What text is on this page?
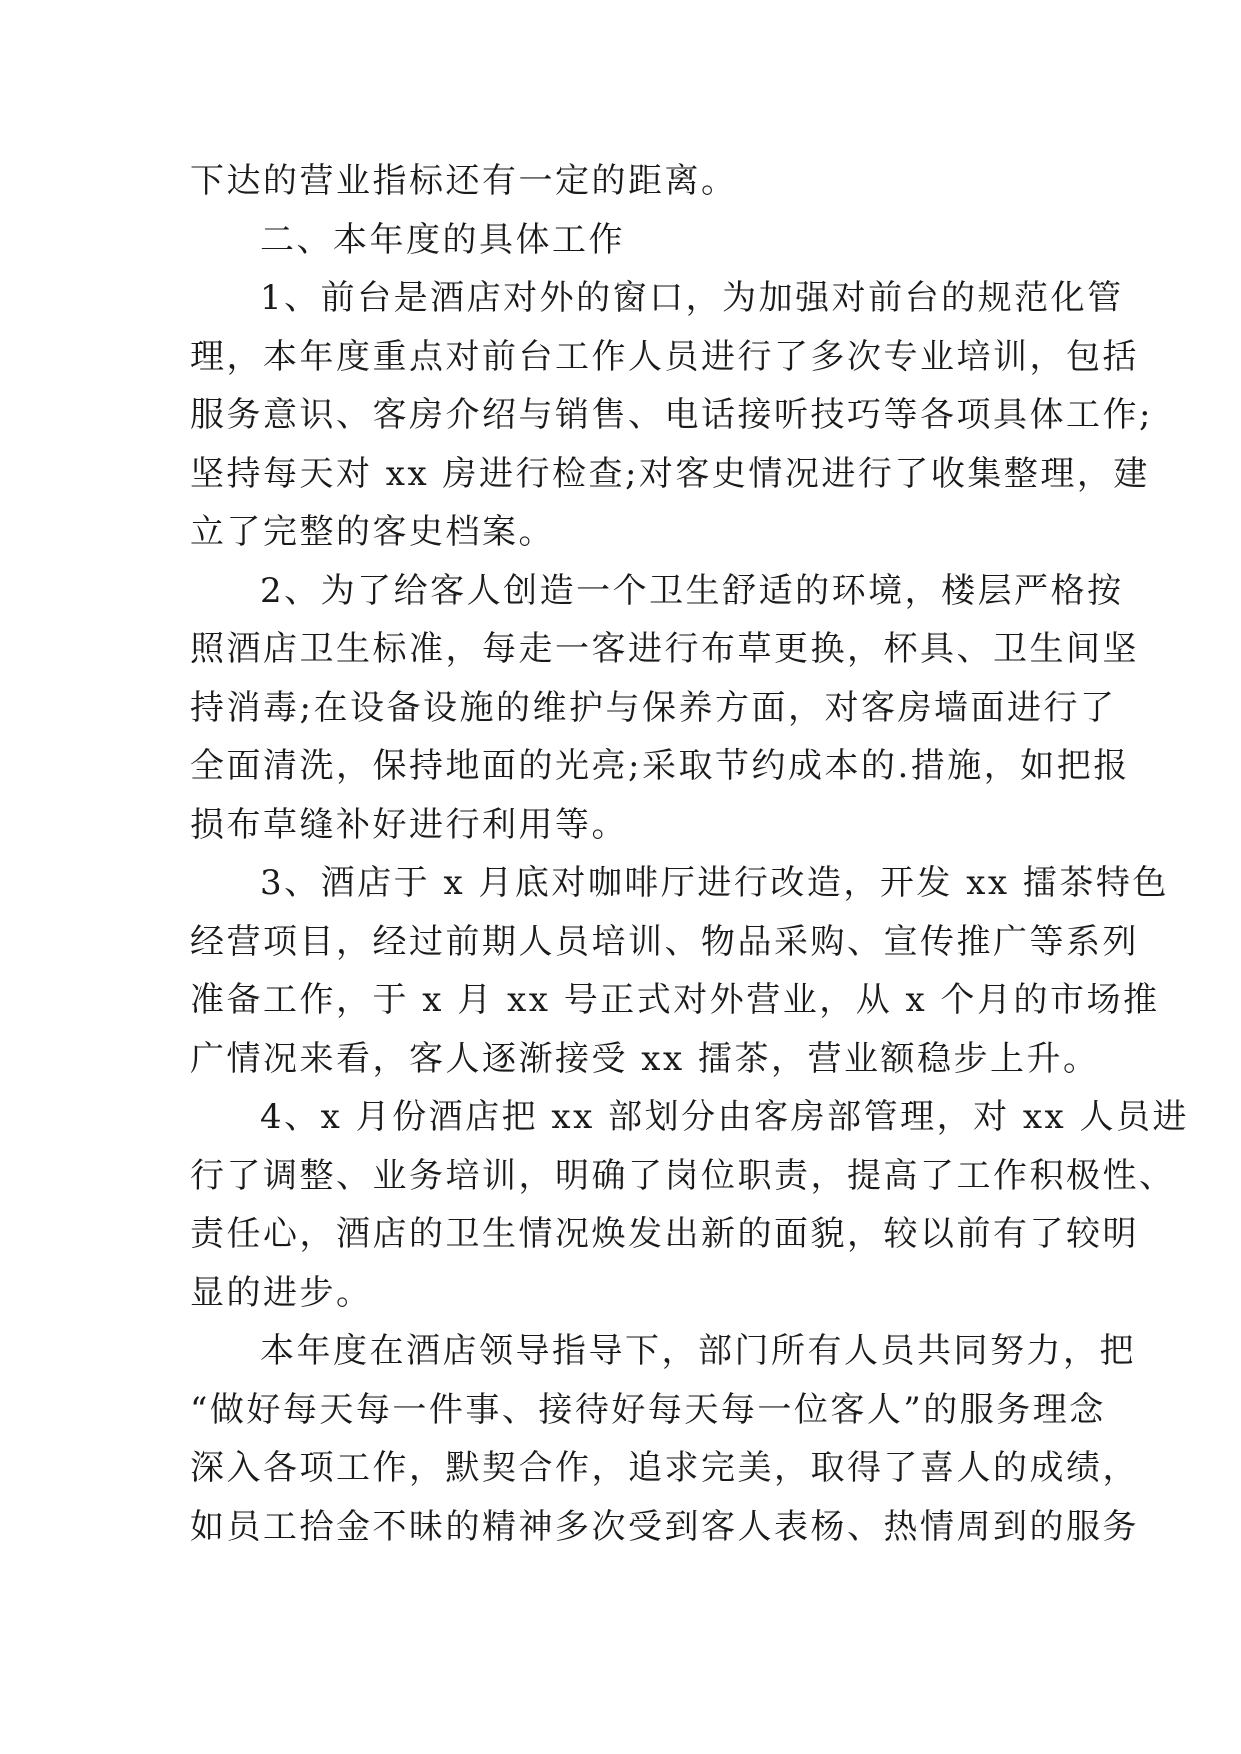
下达的营业指标还有一定的距离。
二、本年度的具体工作
1、前台是酒店对外的窗口，为加强对前台的规范化管
理，本年度重点对前台工作人员进行了多次专业培训，包括
服务意识、客房介绍与销售、电话接听技巧等各项具体工作;
坚持每天对 xx 房进行检查;对客史情况进行了收集整理，建
立了完整的客史档案。
2、为了给客人创造一个卫生舒适的环境，楼层严格按
照酒店卫生标准，每走一客进行布草更换，杯具、卫生间坚
持消毒;在设备设施的维护与保养方面，对客房墙面进行了
全面清洗，保持地面的光亮;采取节约成本的.措施，如把报
损布草缝补好进行利用等。
3、酒店于 x 月底对咖啡厅进行改造，开发 xx 擂茶特色
经营项目，经过前期人员培训、物品采购、宣传推广等系列
准备工作，于 x 月 xx 号正式对外营业，从 x 个月的市场推
广情况来看，客人逐渐接受 xx 擂茶，营业额稳步上升。
4、x 月份酒店把 xx 部划分由客房部管理，对 xx 人员进
行了调整、业务培训，明确了岗位职责，提高了工作积极性、
责任心，酒店的卫生情况焕发出新的面貌，较以前有了较明
显的进步。
本年度在酒店领导指导下，部门所有人员共同努力，把
“做好每天每一件事、接待好每天每一位客人”的服务理念
深入各项工作，默契合作，追求完美，取得了喜人的成绩，
如员工拾金不昧的精神多次受到客人表杨、热情周到的服务
